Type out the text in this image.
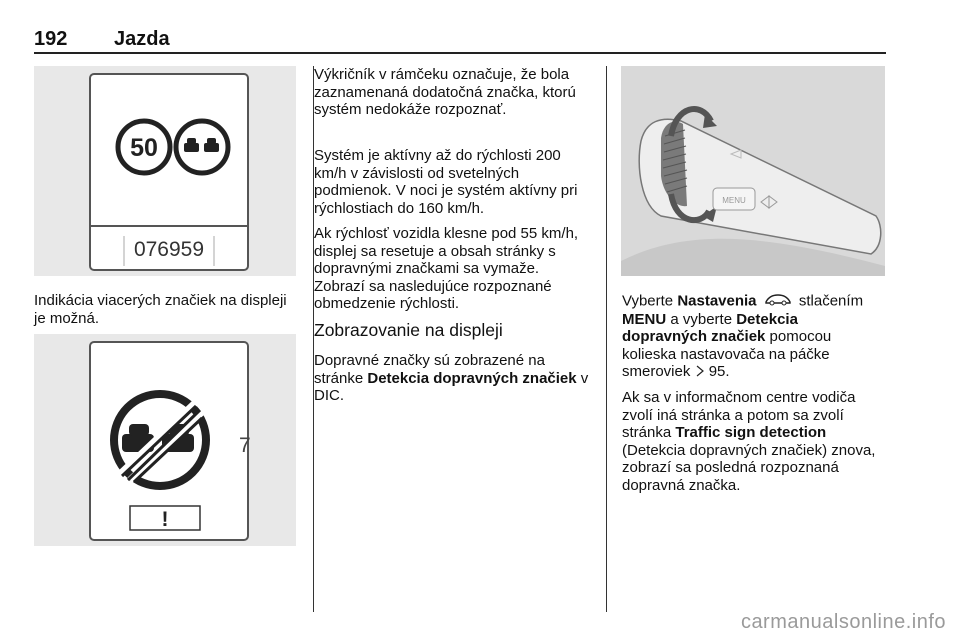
192 Jazda
50
076959

Indikácia viacerých značiek na displeji je možná.

7
!

Výkričník v rámčeku označuje, že bola zaznamenaná dodatočná značka, ktorú systém nedokáže rozpoznať.

Systém je aktívny až do rýchlosti 200 km/h v závislosti od svetelných podmienok. V noci je systém aktívny pri rýchlostiach do 160 km/h.

Ak rýchlosť vozidla klesne pod 55 km/h, displej sa resetuje a obsah stránky s dopravnými značkami sa vymaže. Zobrazí sa nasledujúce rozpoznané obmedzenie rýchlosti.

Zobrazovanie na displeji

Dopravné značky sú zobrazené na stránke Detekcia dopravných značiek v DIC.

MENU

Vyberte Nastavenia	stlačením MENU a vyberte Detekcia dopravných značiek pomocou kolieska nastavovača na páčke smeroviek  95.

Ak sa v informačnom centre vodiča zvolí iná stránka a potom sa zvolí stránka Traffic sign detection (Detekcia dopravných značiek) znova, zobrazí sa posledná rozpoznaná dopravná značka.

carmanualsonline.info
